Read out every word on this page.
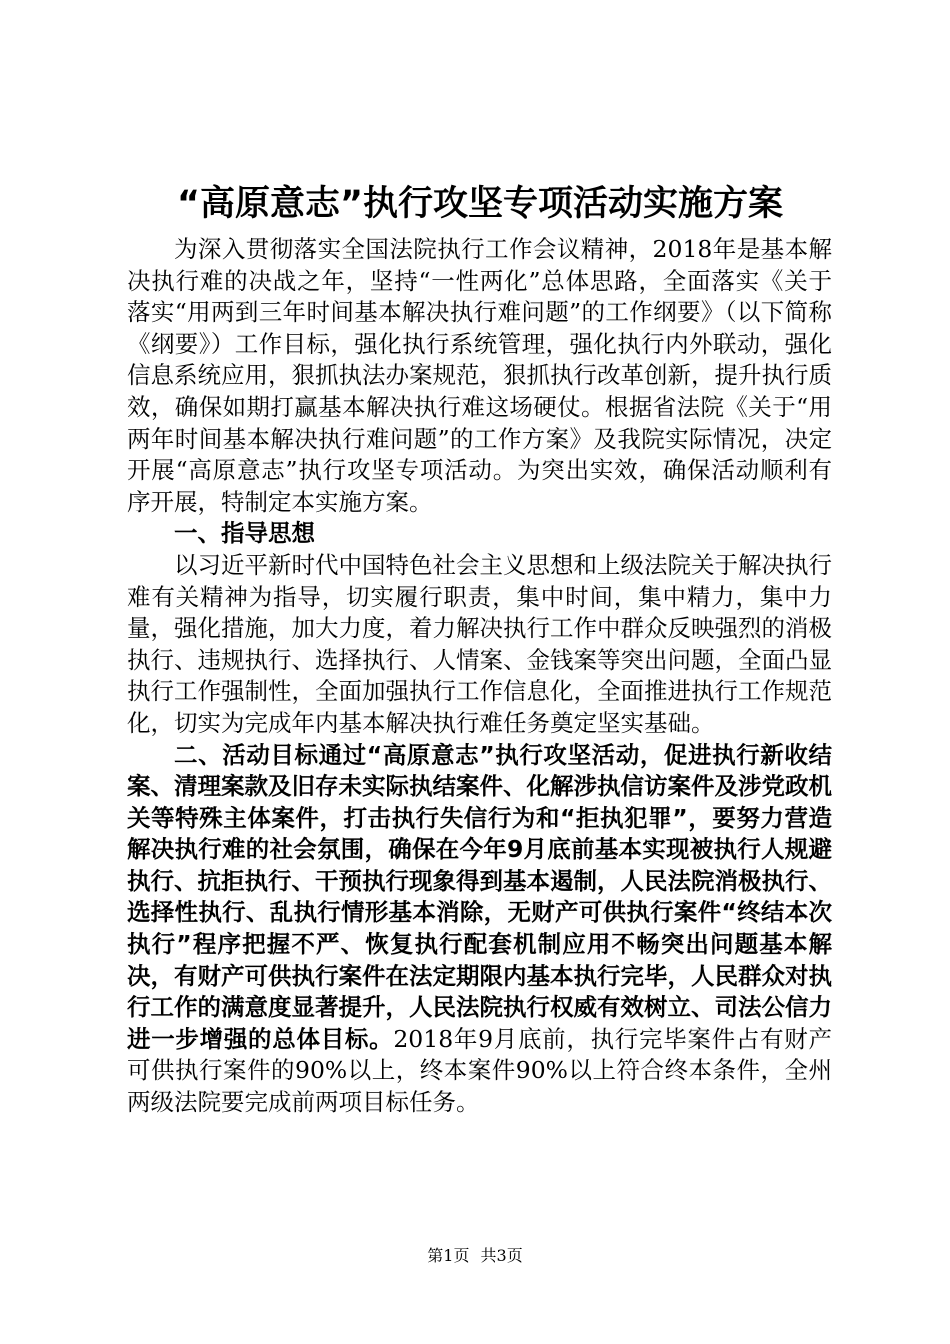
“高原意志”执行攻坚专项活动实施方案

为深入贯彻落实全国法院执行工作会议精神，2018年是基本解决执行难的决战之年，坚持“一性两化”总体思路，全面落实《关于落实“用两到三年时间基本解决执行难问题”的工作纲要》（以下简称《纲要》）工作目标，强化执行系统管理，强化执行内外联动，强化信息系统应用，狠抓执法办案规范，狠抓执行改革创新，提升执行质效，确保如期打赢基本解决执行难这场硬仗。根据省法院《关于“用两年时间基本解决执行难问题”的工作方案》及我院实际情况，决定开展“高原意志”执行攻坚专项活动。为突出实效，确保活动顺利有序开展，特制定本实施方案。

一、指导思想

以习近平新时代中国特色社会主义思想和上级法院关于解决执行难有关精神为指导，切实履行职责，集中时间，集中精力，集中力量，强化措施，加大力度，着力解决执行工作中群众反映强烈的消极执行、违规执行、选择执行、人情案、金钱案等突出问题，全面凸显执行工作强制性，全面加强执行工作信息化，全面推进执行工作规范化，切实为完成年内基本解决执行难任务奠定坚实基础。

二、活动目标通过“高原意志”执行攻坚活动，促进执行新收结案、清理案款及旧存未实际执结案件、化解涉执信访案件及涉党政机关等特殊主体案件，打击执行失信行为和“拒执犯罪”，要努力营造解决执行难的社会氛围，确保在今年9月底前基本实现被执行人规避执行、抗拒执行、干预执行现象得到基本遏制，人民法院消极执行、选择性执行、乱执行情形基本消除，无财产可供执行案件“终结本次执行”程序把握不严、恢复执行配套机制应用不畅突出问题基本解决，有财产可供执行案件在法定期限内基本执行完毕，人民群众对执行工作的满意度显著提升，人民法院执行权威有效树立、司法公信力进一步增强的总体目标。2018年9月底前，执行完毕案件占有财产可供执行案件的90%以上，终本案件90%以上符合终本条件，全州两级法院要完成前两项目标任务。

第1页 共3页
